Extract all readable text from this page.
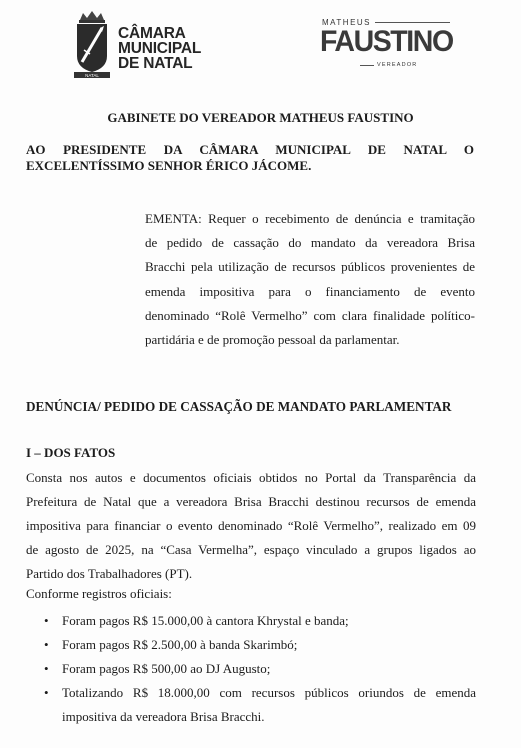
NATAL
CÂMARA
MUNICIPAL
DE NATAL
MATHEUS
FAUSTINO
VEREADOR
GABINETE DO VEREADOR MATHEUS FAUSTINO
AO PRESIDENTE DA CÂMARA MUNICIPAL DE NATAL O
EXCELENTÍSSIMO SENHOR ÉRICO JÁCOME.
EMENTA: Requer o recebimento de denúncia e tramitação
de pedido de cassação do mandato da vereadora Brisa
Bracchi pela utilização de recursos públicos provenientes de
emenda impositiva para o financiamento de evento
denominado “Rolê Vermelho” com clara finalidade político-
partidária e de promoção pessoal da parlamentar.
DENÚNCIA/ PEDIDO DE CASSAÇÃO DE MANDATO PARLAMENTAR
I – DOS FATOS
Consta nos autos e documentos oficiais obtidos no Portal da Transparência da
Prefeitura de Natal que a vereadora Brisa Bracchi destinou recursos de emenda
impositiva para financiar o evento denominado “Rolê Vermelho”, realizado em 09
de agosto de 2025, na “Casa Vermelha”, espaço vinculado a grupos ligados ao
Partido dos Trabalhadores (PT).
Conforme registros oficiais:
• Foram pagos R$ 15.000,00 à cantora Khrystal e banda;
• Foram pagos R$ 2.500,00 à banda Skarimbó;
• Foram pagos R$ 500,00 ao DJ Augusto;
• Totalizando R$ 18.000,00 com recursos públicos oriundos de emenda
impositiva da vereadora Brisa Bracchi.
